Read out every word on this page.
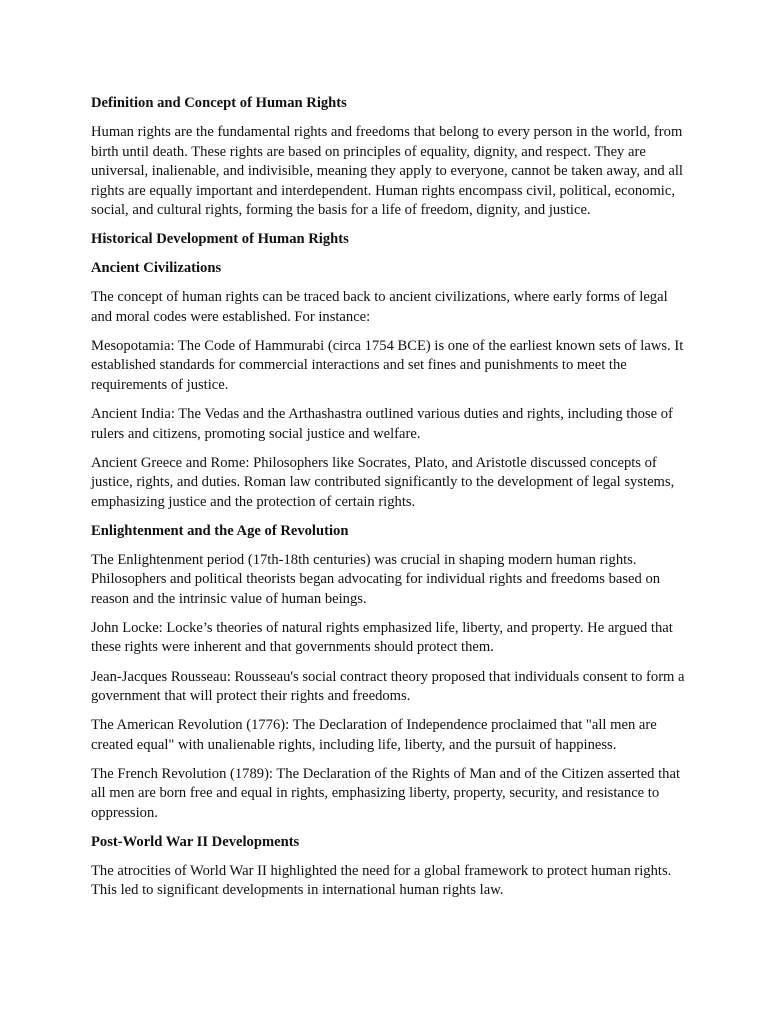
Definition and Concept of Human Rights
Human rights are the fundamental rights and freedoms that belong to every person in the world, from birth until death. These rights are based on principles of equality, dignity, and respect. They are universal, inalienable, and indivisible, meaning they apply to everyone, cannot be taken away, and all rights are equally important and interdependent. Human rights encompass civil, political, economic, social, and cultural rights, forming the basis for a life of freedom, dignity, and justice.
Historical Development of Human Rights
Ancient Civilizations
The concept of human rights can be traced back to ancient civilizations, where early forms of legal and moral codes were established. For instance:
Mesopotamia: The Code of Hammurabi (circa 1754 BCE) is one of the earliest known sets of laws. It established standards for commercial interactions and set fines and punishments to meet the requirements of justice.
Ancient India: The Vedas and the Arthashastra outlined various duties and rights, including those of rulers and citizens, promoting social justice and welfare.
Ancient Greece and Rome: Philosophers like Socrates, Plato, and Aristotle discussed concepts of justice, rights, and duties. Roman law contributed significantly to the development of legal systems, emphasizing justice and the protection of certain rights.
Enlightenment and the Age of Revolution
The Enlightenment period (17th-18th centuries) was crucial in shaping modern human rights. Philosophers and political theorists began advocating for individual rights and freedoms based on reason and the intrinsic value of human beings.
John Locke: Locke’s theories of natural rights emphasized life, liberty, and property. He argued that these rights were inherent and that governments should protect them.
Jean-Jacques Rousseau: Rousseau's social contract theory proposed that individuals consent to form a government that will protect their rights and freedoms.
The American Revolution (1776): The Declaration of Independence proclaimed that "all men are created equal" with unalienable rights, including life, liberty, and the pursuit of happiness.
The French Revolution (1789): The Declaration of the Rights of Man and of the Citizen asserted that all men are born free and equal in rights, emphasizing liberty, property, security, and resistance to oppression.
Post-World War II Developments
The atrocities of World War II highlighted the need for a global framework to protect human rights. This led to significant developments in international human rights law.
